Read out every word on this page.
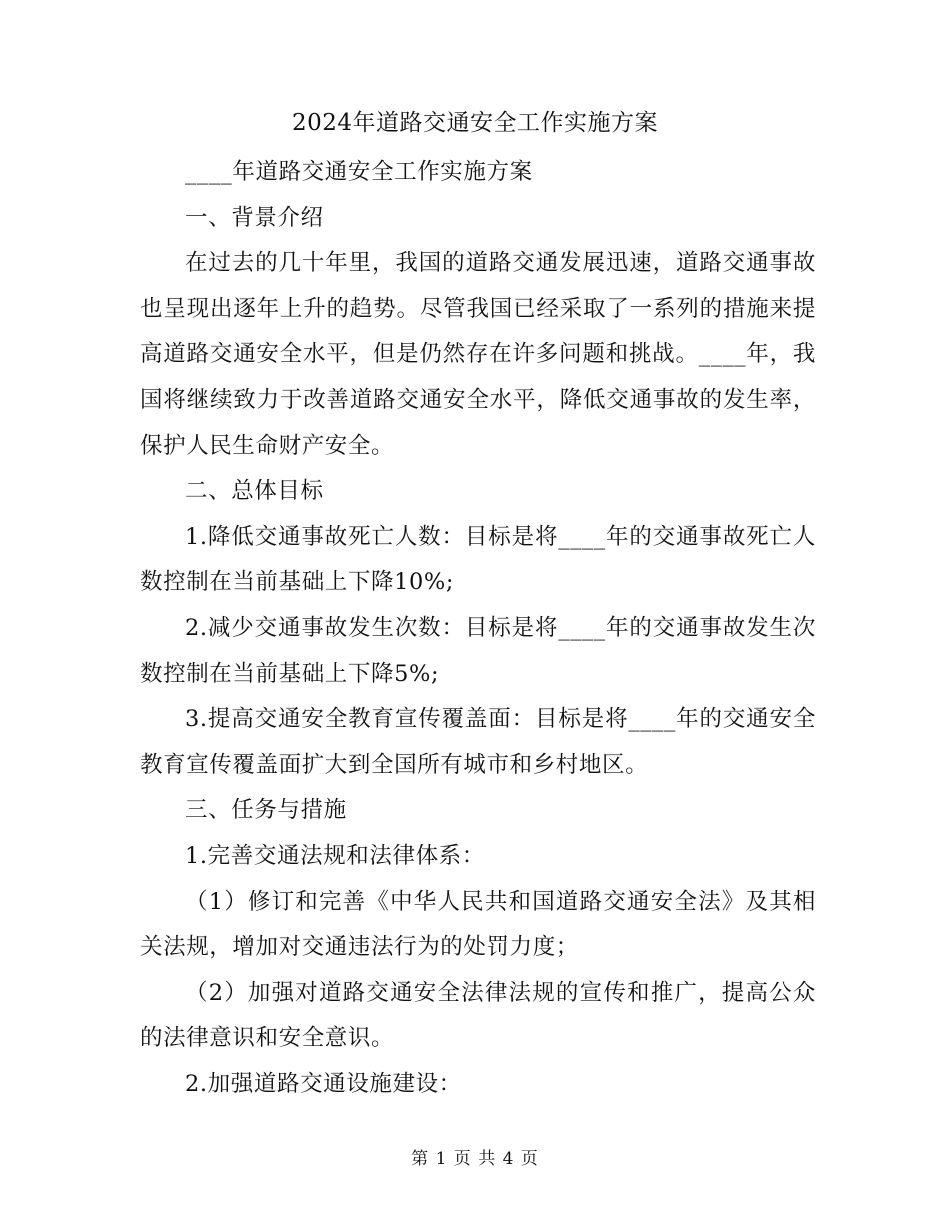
2024年道路交通安全工作实施方案

____年道路交通安全工作实施方案

一、背景介绍

在过去的几十年里，我国的道路交通发展迅速，道路交通事故也呈现出逐年上升的趋势。尽管我国已经采取了一系列的措施来提高道路交通安全水平，但是仍然存在许多问题和挑战。____年，我国将继续致力于改善道路交通安全水平，降低交通事故的发生率，保护人民生命财产安全。

二、总体目标

1.降低交通事故死亡人数：目标是将____年的交通事故死亡人数控制在当前基础上下降10%;

2.减少交通事故发生次数：目标是将____年的交通事故发生次数控制在当前基础上下降5%;

3.提高交通安全教育宣传覆盖面：目标是将____年的交通安全教育宣传覆盖面扩大到全国所有城市和乡村地区。

三、任务与措施

1.完善交通法规和法律体系：

（1）修订和完善《中华人民共和国道路交通安全法》及其相关法规，增加对交通违法行为的处罚力度；

（2）加强对道路交通安全法律法规的宣传和推广，提高公众的法律意识和安全意识。

2.加强道路交通设施建设：

第 1 页 共 4 页
